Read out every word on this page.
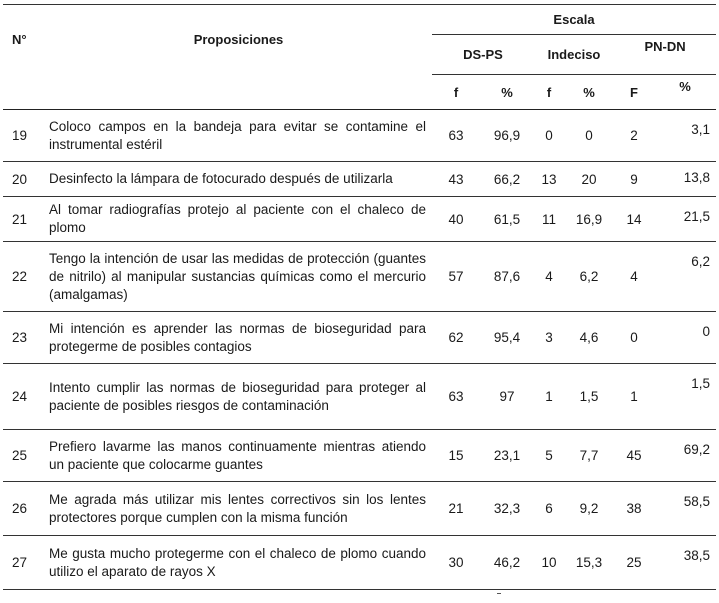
N°	Proposiciones	Escala					
		DS-PS		Indeciso		PN-DN	
		f	%	f	%	F	%
19	Coloco campos en la bandeja para evitar se contamine el instrumental estéril	63	96,9	0	0	2	3,1
20	Desinfecto la lámpara de fotocurado después de utilizarla	43	66,2	13	20	9	13,8
21	Al tomar radiografías protejo al paciente con el chaleco de plomo	40	61,5	11	16,9	14	21,5
22	Tengo la intención de usar las medidas de protección (guantes de nitrilo) al manipular sustancias químicas como el mercurio (amalgamas)	57	87,6	4	6,2	4	6,2
23	Mi intención es aprender las normas de bioseguridad para protegerme de posibles contagios	62	95,4	3	4,6	0	0
24	Intento cumplir las normas de bioseguridad para proteger al paciente de posibles riesgos de contaminación	63	97	1	1,5	1	1,5
25	Prefiero lavarme las manos continuamente mientras atiendo un paciente que colocarme guantes	15	23,1	5	7,7	45	69,2
26	Me agrada más utilizar mis lentes correctivos sin los lentes protectores porque cumplen con la misma función	21	32,3	6	9,2	38	58,5
27	Me gusta mucho protegerme con el chaleco de plomo cuando utilizo el aparato de rayos X	30	46,2	10	15,3	25	38,5
